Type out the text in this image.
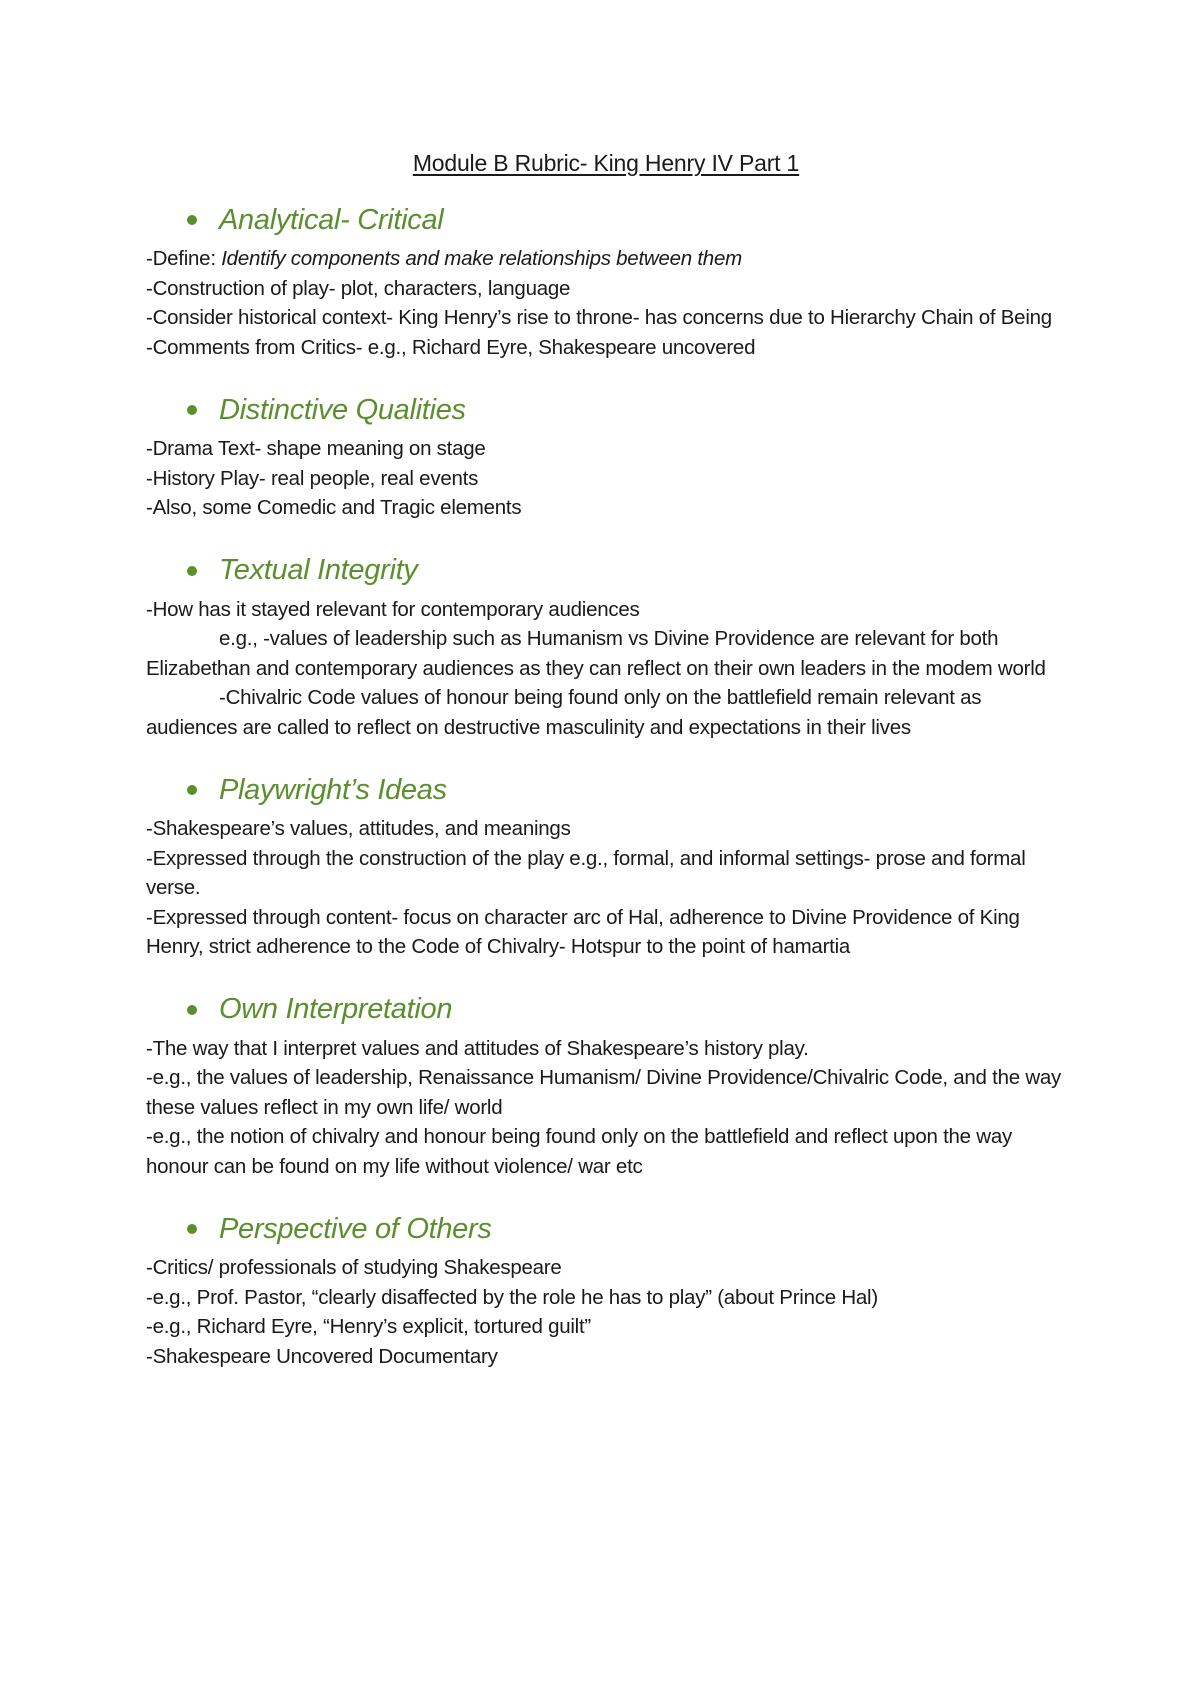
Module B Rubric- King Henry IV Part 1
Analytical- Critical

-Define: Identify components and make relationships between them

-Construction of play- plot, characters, language

-Consider historical context- King Henry’s rise to throne- has concerns due to Hierarchy Chain of Being

-Comments from Critics- e.g., Richard Eyre, Shakespeare uncovered

Distinctive Qualities

-Drama Text- shape meaning on stage

-History Play- real people, real events

-Also, some Comedic and Tragic elements

Textual Integrity

-How has it stayed relevant for contemporary audiences

e.g., -values of leadership such as Humanism vs Divine Providence are relevant for both Elizabethan and contemporary audiences as they can reflect on their own leaders in the modem world

-Chivalric Code values of honour being found only on the battlefield remain relevant as audiences are called to reflect on destructive masculinity and expectations in their lives

Playwright’s Ideas

-Shakespeare’s values, attitudes, and meanings

-Expressed through the construction of the play e.g., formal, and informal settings- prose and formal verse.

-Expressed through content- focus on character arc of Hal, adherence to Divine Providence of King Henry, strict adherence to the Code of Chivalry- Hotspur to the point of hamartia

Own Interpretation

-The way that I interpret values and attitudes of Shakespeare’s history play.

-e.g., the values of leadership, Renaissance Humanism/ Divine Providence/Chivalric Code, and the way these values reflect in my own life/ world

-e.g., the notion of chivalry and honour being found only on the battlefield and reflect upon the way honour can be found on my life without violence/ war etc

Perspective of Others

-Critics/ professionals of studying Shakespeare

-e.g., Prof. Pastor, “clearly disaffected by the role he has to play” (about Prince Hal)

-e.g., Richard Eyre, “Henry’s explicit, tortured guilt”

-Shakespeare Uncovered Documentary
